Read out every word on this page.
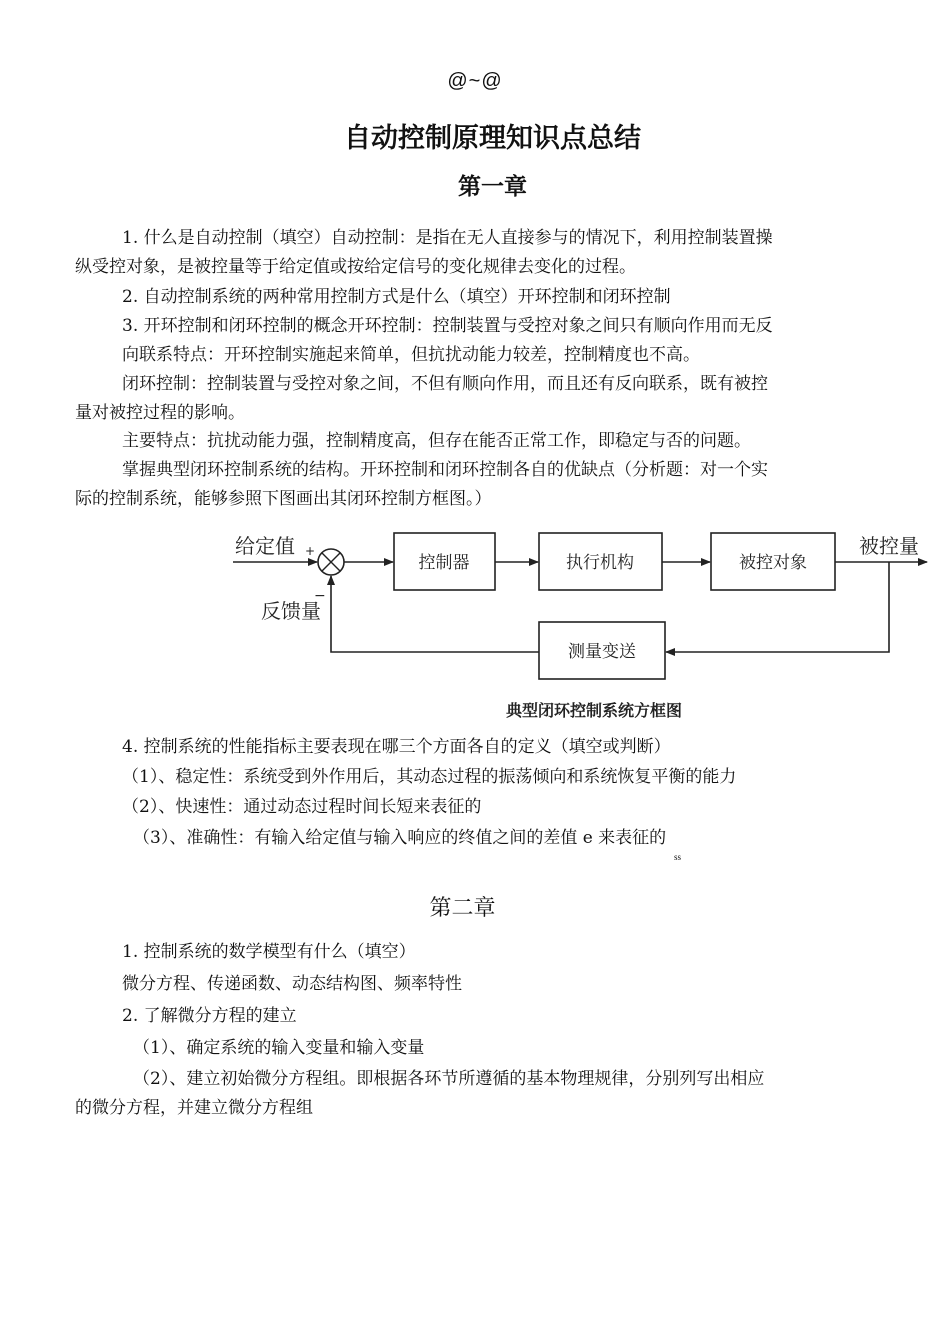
@~@
自动控制原理知识点总结
第一章
1. 什么是自动控制（填空）自动控制：是指在无人直接参与的情况下，利用控制装置操
纵受控对象，是被控量等于给定值或按给定信号的变化规律去变化的过程。
2. 自动控制系统的两种常用控制方式是什么（填空）开环控制和闭环控制
3. 开环控制和闭环控制的概念开环控制：控制装置与受控对象之间只有顺向作用而无反
向联系特点：开环控制实施起来简单，但抗扰动能力较差，控制精度也不高。
闭环控制：控制装置与受控对象之间，不但有顺向作用，而且还有反向联系，既有被控
量对被控过程的影响。
主要特点：抗扰动能力强，控制精度高，但存在能否正常工作，即稳定与否的问题。
掌握典型闭环控制系统的结构。开环控制和闭环控制各自的优缺点（分析题：对一个实
际的控制系统，能够参照下图画出其闭环控制方框图。）
给定值 +
−
反馈量
控制器	执行机构	被控对象
被控量
测量变送
典型闭环控制系统方框图
4. 控制系统的性能指标主要表现在哪三个方面各自的定义（填空或判断）
（1）、稳定性：系统受到外作用后，其动态过程的振荡倾向和系统恢复平衡的能力
（2）、快速性：通过动态过程时间长短来表征的
（3）、准确性：有输入给定值与输入响应的终值之间的差值 e 来表征的
ss
第二章
1. 控制系统的数学模型有什么（填空）
微分方程、传递函数、动态结构图、频率特性
2. 了解微分方程的建立
（1）、确定系统的输入变量和输入变量
（2）、建立初始微分方程组。即根据各环节所遵循的基本物理规律，分别列写出相应
的微分方程，并建立微分方程组
